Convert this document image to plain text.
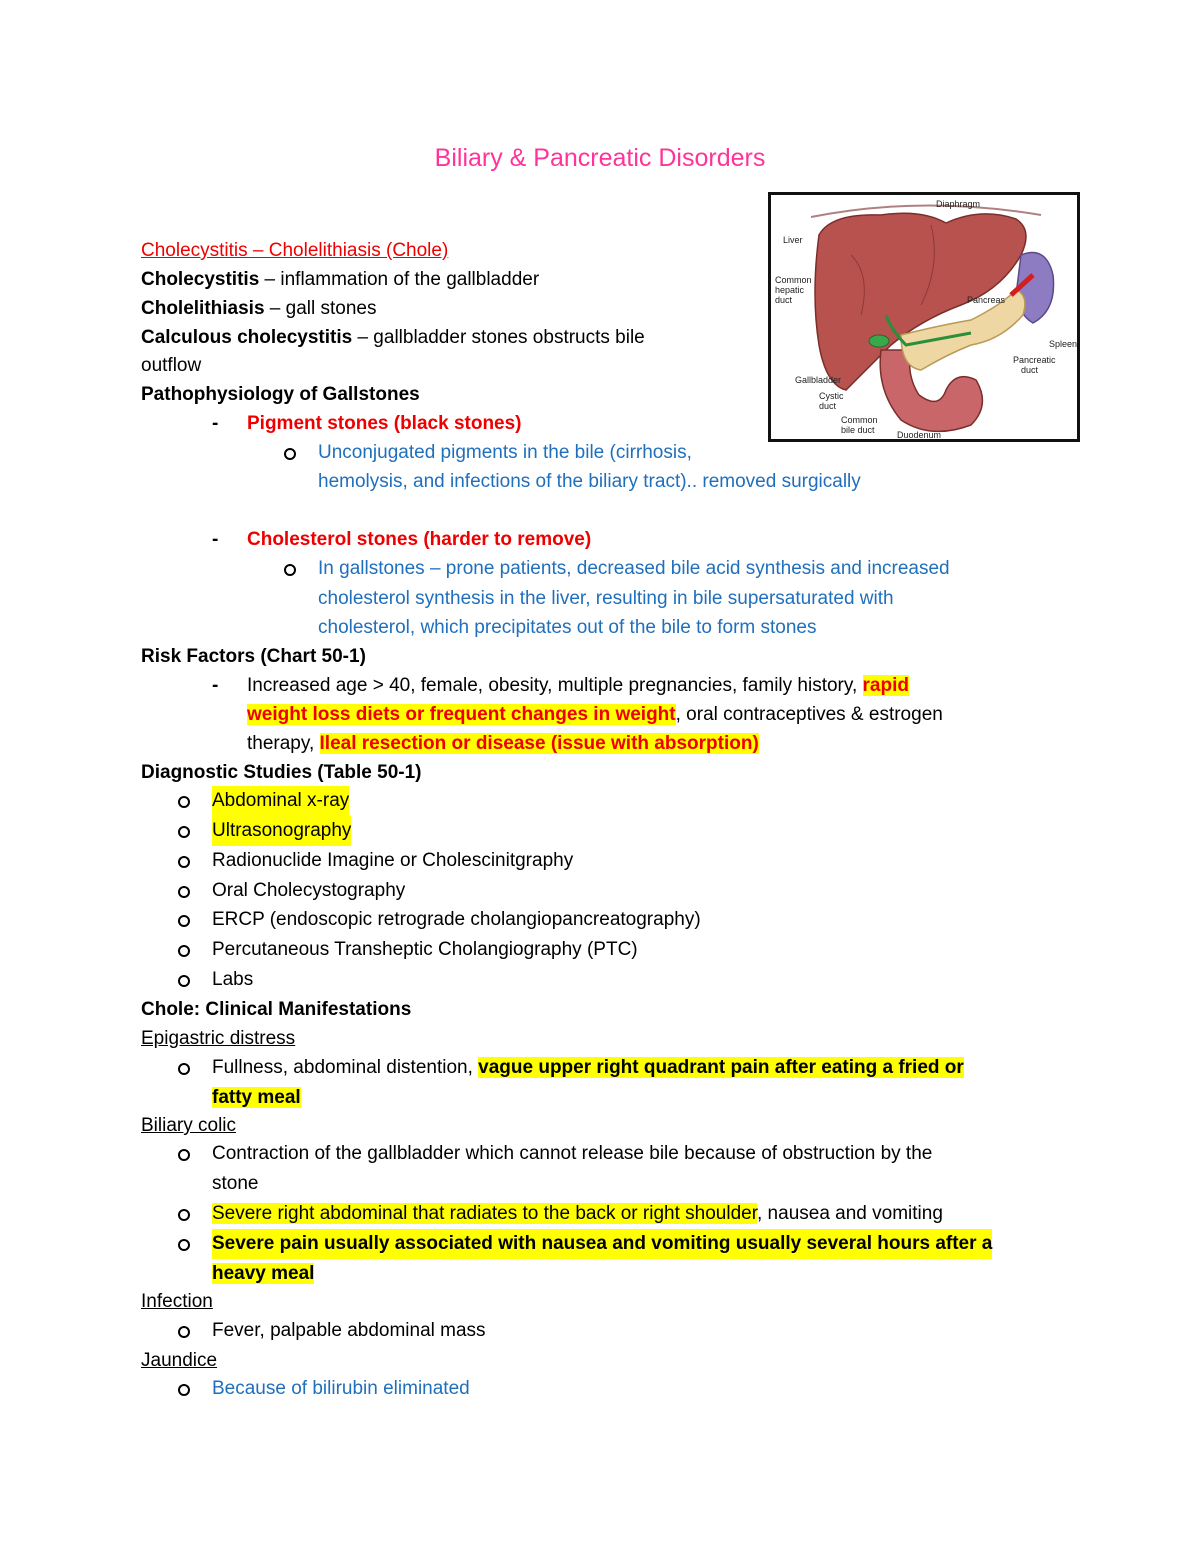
Biliary & Pancreatic Disorders
Diaphragm
Liver
Common
hepatic
duct	Pancreas
Spleen
Pancreatic
duct
Gallbladder
Cystic
duct
Common
bile duct Duodenum
Cholecystitis – Cholelithiasis (Chole)
Cholecystitis – inflammation of the gallbladder
Cholelithiasis – gall stones
Calculous cholecystitis – gallbladder stones obstructs bile
outflow
Pathophysiology of Gallstones
- Pigment stones (black stones)
Unconjugated pigments in the bile (cirrhosis,
hemolysis, and infections of the biliary tract).. removed surgically
- Cholesterol stones (harder to remove)
In gallstones – prone patients, decreased bile acid synthesis and increased
cholesterol synthesis in the liver, resulting in bile supersaturated with
cholesterol, which precipitates out of the bile to form stones
Risk Factors (Chart 50-1)
- Increased age > 40, female, obesity, multiple pregnancies, family history, rapid
weight loss diets or frequent changes in weight, oral contraceptives & estrogen
therapy, Ileal resection or disease (issue with absorption)
Diagnostic Studies (Table 50-1)
Abdominal x-ray
Ultrasonography
Radionuclide Imagine or Cholescinitgraphy
Oral Cholecystography
ERCP (endoscopic retrograde cholangiopancreatography)
Percutaneous Transheptic Cholangiography (PTC)
Labs
Chole: Clinical Manifestations
Epigastric distress
Fullness, abdominal distention, vague upper right quadrant pain after eating a fried or
fatty meal
Biliary colic
Contraction of the gallbladder which cannot release bile because of obstruction by the
stone
Severe right abdominal that radiates to the back or right shoulder, nausea and vomiting
Severe pain usually associated with nausea and vomiting usually several hours after a
heavy meal
Infection
Fever, palpable abdominal mass
Jaundice
Because of bilirubin eliminated
